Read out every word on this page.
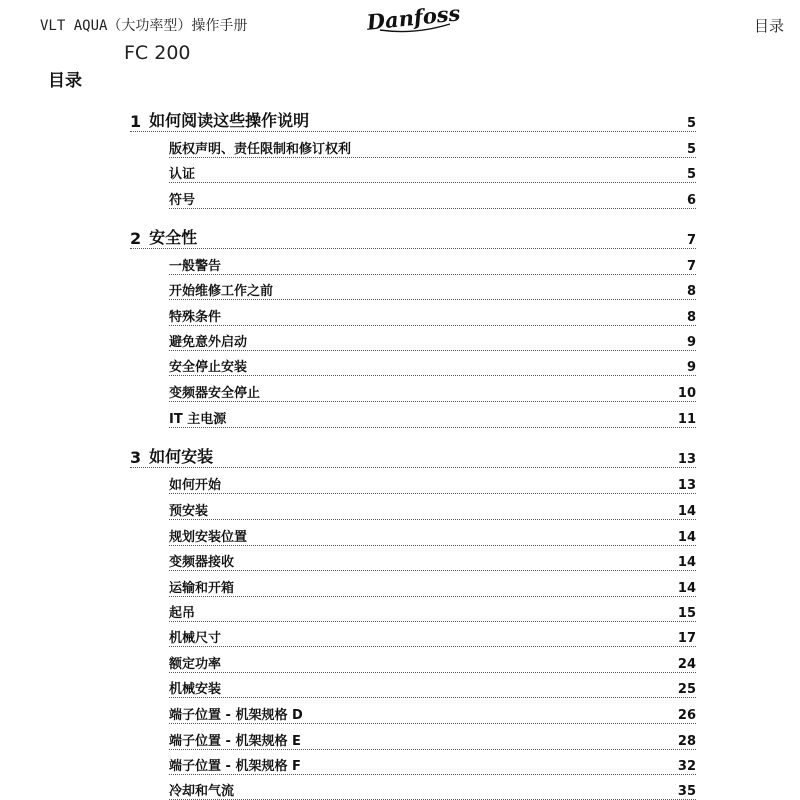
VLT AQUA（大功率型）操作手册	Danfoss	目录
FC 200
目录
1 如何阅读这些操作说明	5
版权声明、责任限制和修订权利	5
认证	5
符号	6
2 安全性	7
一般警告	7
开始维修工作之前	8
特殊条件	8
避免意外启动	9
安全停止安装	9
变频器安全停止	10
IT 主电源	11
3 如何安装	13
如何开始	13
预安装	14
规划安装位置	14
变频器接收	14
运输和开箱	14
起吊	15
机械尺寸	17
额定功率	24
机械安装	25
端子位置 - 机架规格 D	26
端子位置 - 机架规格 E	28
端子位置 - 机架规格 F	32
冷却和气流	35
